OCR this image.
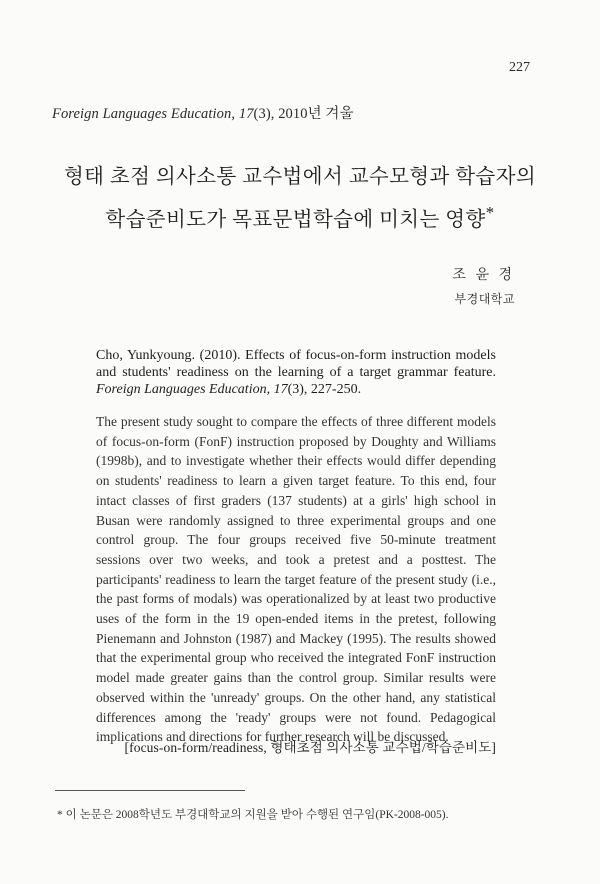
227
Foreign Languages Education, 17(3), 2010년 겨울
형태 초점 의사소통 교수법에서 교수모형과 학습자의
학습준비도가 목표문법학습에 미치는 영향*
조 윤 경
부경대학교
Cho, Yunkyoung. (2010). Effects of focus-on-form instruction models and students' readiness on the learning of a target grammar feature. Foreign Languages Education, 17(3), 227-250.
The present study sought to compare the effects of three different models of focus-on-form (FonF) instruction proposed by Doughty and Williams (1998b), and to investigate whether their effects would differ depending on students' readiness to learn a given target feature. To this end, four intact classes of first graders (137 students) at a girls' high school in Busan were randomly assigned to three experimental groups and one control group. The four groups received five 50-minute treatment sessions over two weeks, and took a pretest and a posttest. The participants' readiness to learn the target feature of the present study (i.e., the past forms of modals) was operationalized by at least two productive uses of the form in the 19 open-ended items in the pretest, following Pienemann and Johnston (1987) and Mackey (1995). The results showed that the experimental group who received the integrated FonF instruction model made greater gains than the control group. Similar results were observed within the 'unready' groups. On the other hand, any statistical differences among the 'ready' groups were not found. Pedagogical implications and directions for further research will be discussed.
[focus-on-form/readiness, 형태초점 의사소통 교수법/학습준비도]
* 이 논문은 2008학년도 부경대학교의 지원을 받아 수행된 연구임(PK-2008-005).
